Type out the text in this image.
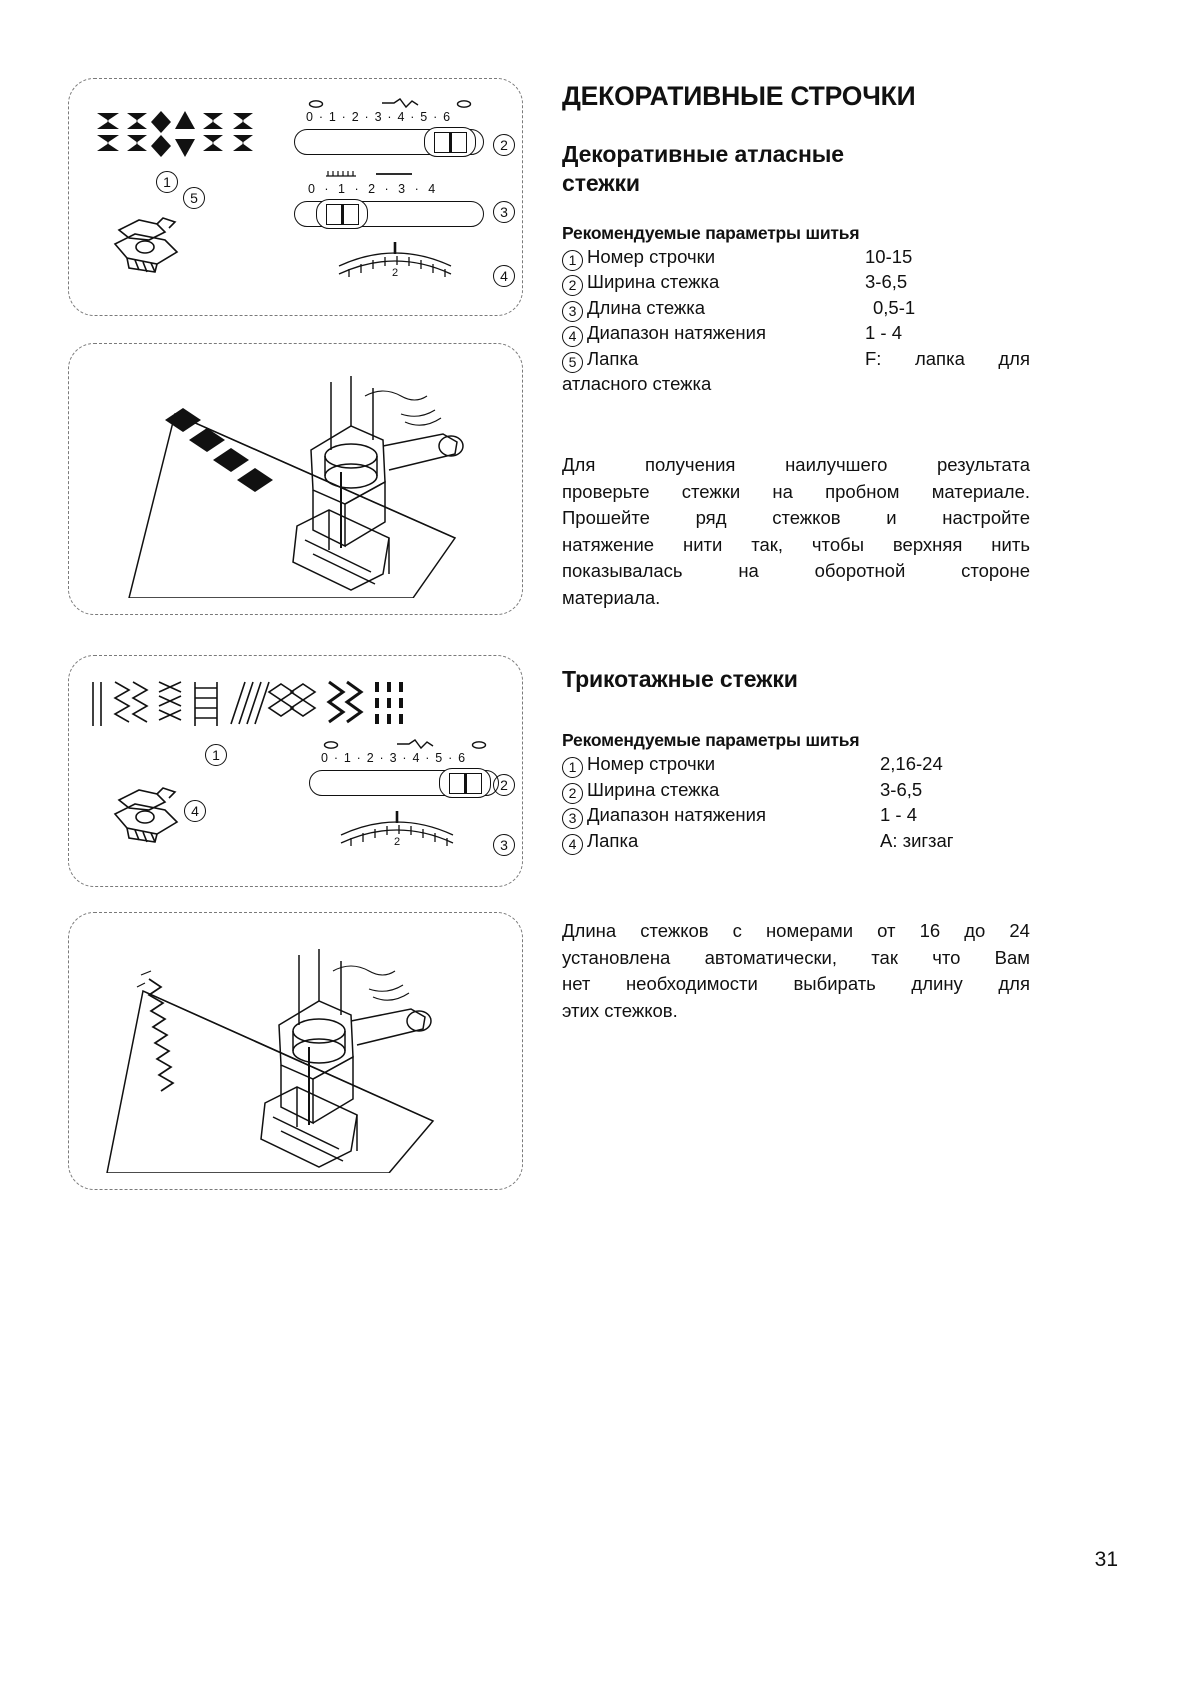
1
5
0 · 1 · 2 · 3 · 4 · 5 · 6
2
0 · 1 · 2 · 3 · 4
3
2	4
1
4
0 · 1 · 2 · 3 · 4 · 5 · 6
2
2	3
ДЕКОРАТИВНЫЕ СТРОЧКИ
Декоративные атласные
стежки
Рекомендуемые параметры шитья
1 Номер строчки	10-15
2 Ширина стежка	3-6,5
3 Длина стежка	0,5-1
4 Диапазон натяжения	1 - 4
5 Лапка	F: лапка для
атласного стежка
Для	получения	наилучшего	результата
проверьте стежки на пробном материале.
Прошейте ряд стежков и настройте
натяжение нити так, чтобы верхняя нить
показывалась	на	оборотной	стороне
материала.
Трикотажные стежки
Рекомендуемые параметры шитья
1 Номер строчки	2,16-24
2 Ширина стежка	3-6,5
3 Диапазон натяжения	1 - 4
4 Лапка	A: зигзаг
Длина стежков с номерами от 16 до 24
установлена автоматически, так что Вам
нет необходимости выбирать длину для
этих стежков.
31
